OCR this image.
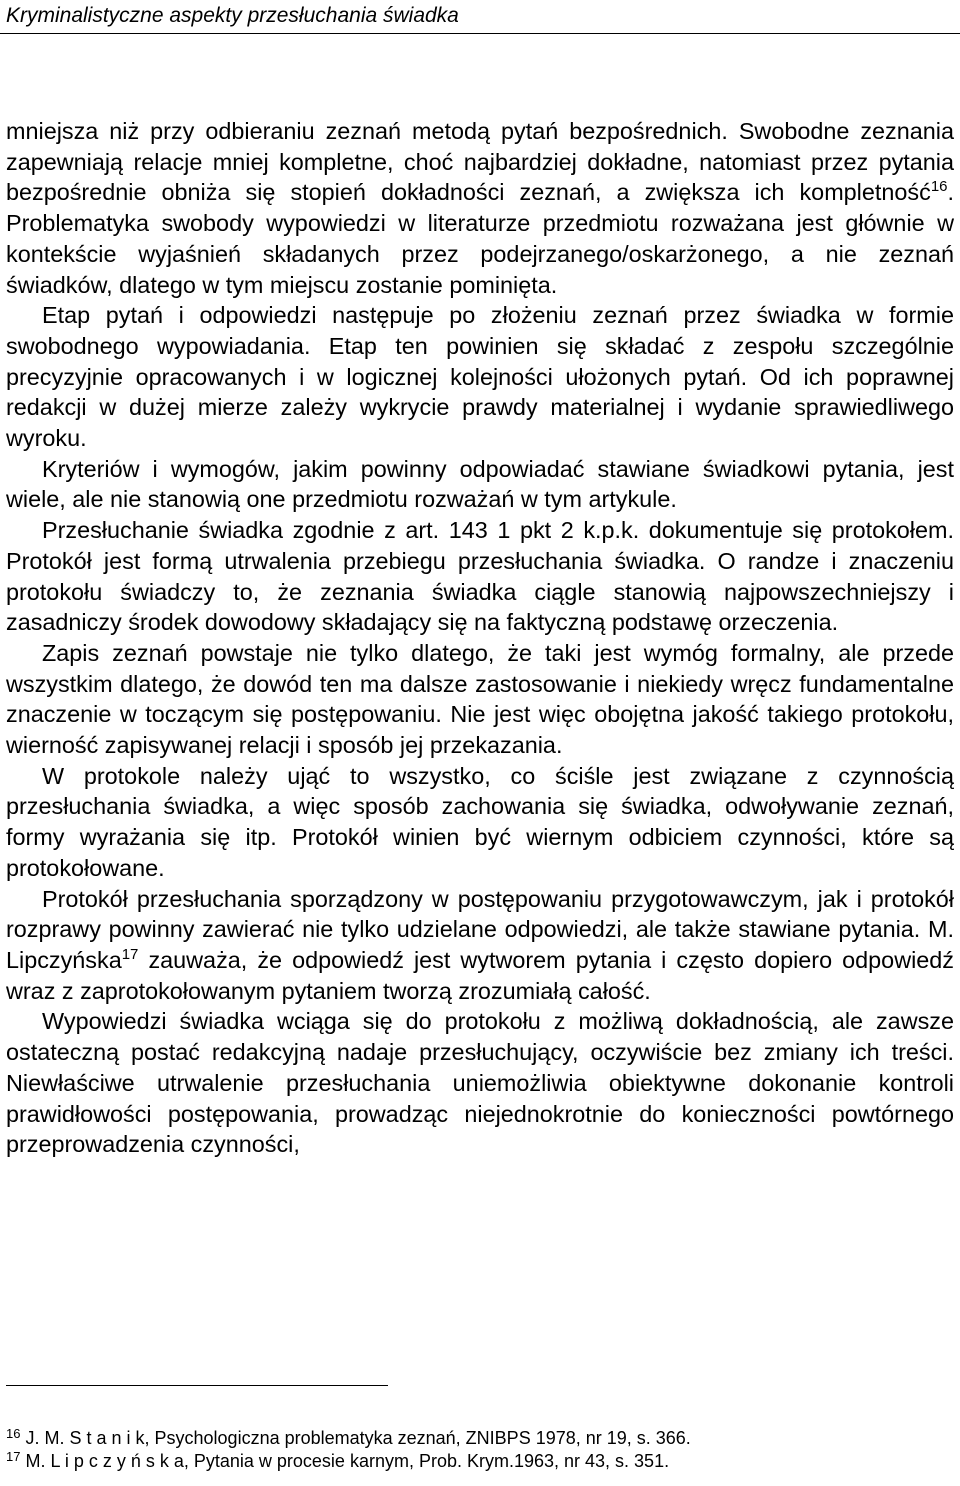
Kryminalistyczne aspekty przesłuchania świadka

mniejsza niż przy odbieraniu zeznań metodą pytań bezpośrednich. Swobodne zeznania zapewniają relacje mniej kompletne, choć najbardziej dokładne, natomiast przez pytania bezpośrednie obniża się stopień dokładności zeznań, a zwiększa ich kompletność$^{16}$. Problematyka swobody wypowiedzi w literaturze przedmiotu rozważana jest głównie w kontekście wyjaśnień składanych przez podejrzanego/oskarżonego, a nie zeznań świadków, dlatego w tym miejscu zostanie pominięta.

Etap pytań i odpowiedzi następuje po złożeniu zeznań przez świadka w formie swobodnego wypowiadania. Etap ten powinien się składać z zespołu szczególnie precyzyjnie opracowanych i w logicznej kolejności ułożonych pytań. Od ich poprawnej redakcji w dużej mierze zależy wykrycie prawdy materialnej i wydanie sprawiedliwego wyroku.

Kryteriów i wymogów, jakim powinny odpowiadać stawiane świadkowi pytania, jest wiele, ale nie stanowią one przedmiotu rozważań w tym artykule.

Przesłuchanie świadka zgodnie z art. 143 1 pkt 2 k.p.k. dokumentuje się protokołem. Protokół jest formą utrwalenia przebiegu przesłuchania świadka. O randze i znaczeniu protokołu świadczy to, że zeznania świadka ciągle stanowią najpowszechniejszy i zasadniczy środek dowodowy składający się na faktyczną podstawę orzeczenia.

Zapis zeznań powstaje nie tylko dlatego, że taki jest wymóg formalny, ale przede wszystkim dlatego, że dowód ten ma dalsze zastosowanie i niekiedy wręcz fundamentalne znaczenie w toczącym się postępowaniu. Nie jest więc obojętna jakość takiego protokołu, wierność zapisywanej relacji i sposób jej przekazania.

W protokole należy ująć to wszystko, co ściśle jest związane z czynnością przesłuchania świadka, a więc sposób zachowania się świadka, odwoływanie zeznań, formy wyrażania się itp. Protokół winien być wiernym odbiciem czynności, które są protokołowane.

Protokół przesłuchania sporządzony w postępowaniu przygotowawczym, jak i protokół rozprawy powinny zawierać nie tylko udzielane odpowiedzi, ale także stawiane pytania. M. Lipczyńska$^{17}$ zauważa, że odpowiedź jest wytworem pytania i często dopiero odpowiedź wraz z zaprotokołowanym pytaniem tworzą zrozumiałą całość.

Wypowiedzi świadka wciąga się do protokołu z możliwą dokładnością, ale zawsze ostateczną postać redakcyjną nadaje przesłuchujący, oczywiście bez zmiany ich treści. Niewłaściwe utrwalenie przesłuchania uniemożliwia obiektywne dokonanie kontroli prawidłowości postępowania, prowadząc niejednokrotnie do konieczności powtórnego przeprowadzenia czynności,

$^{16}$ J. M. S t a n i k, Psychologiczna problematyka zeznań, ZNIBPS 1978, nr 19, s. 366.
$^{17}$ M. L i p c z y ń s k a, Pytania w procesie karnym, Prob. Krym.1963, nr 43, s. 351.
